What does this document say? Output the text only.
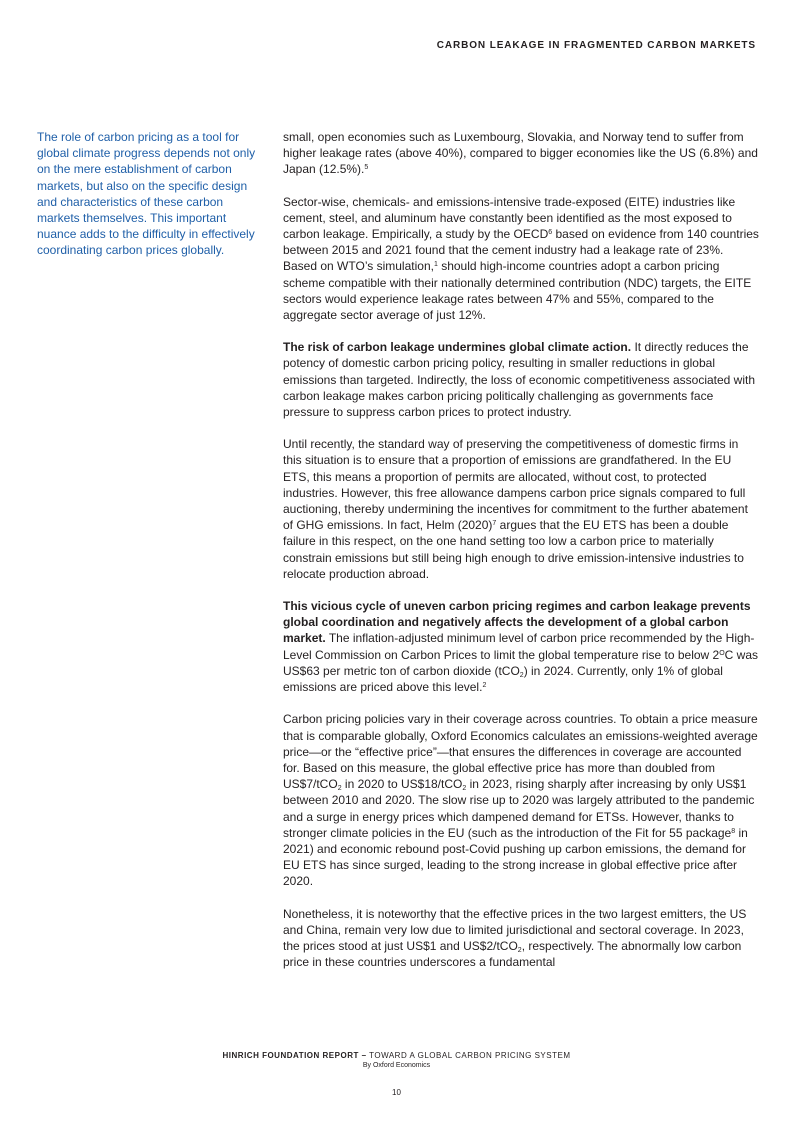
CARBON LEAKAGE IN FRAGMENTED CARBON MARKETS
The role of carbon pricing as a tool for global climate progress depends not only on the mere establishment of carbon markets, but also on the specific design and characteristics of these carbon markets themselves. This important nuance adds to the difficulty in effectively coordinating carbon prices globally.

small, open economies such as Luxembourg, Slovakia, and Norway tend to suffer from higher leakage rates (above 40%), compared to bigger economies like the US (6.8%) and Japan (12.5%).$^5$

Sector-wise, chemicals- and emissions-intensive trade-exposed (EITE) industries like cement, steel, and aluminum have constantly been identified as the most exposed to carbon leakage. Empirically, a study by the OECD$^6$ based on evidence from 140 countries between 2015 and 2021 found that the cement industry had a leakage rate of 23%. Based on WTO’s simulation,$^1$ should high-income countries adopt a carbon pricing scheme compatible with their nationally determined contribution (NDC) targets, the EITE sectors would experience leakage rates between 47% and 55%, compared to the aggregate sector average of just 12%.

The risk of carbon leakage undermines global climate action. It directly reduces the potency of domestic carbon pricing policy, resulting in smaller reductions in global emissions than targeted. Indirectly, the loss of economic competitiveness associated with carbon leakage makes carbon pricing politically challenging as governments face pressure to suppress carbon prices to protect industry.

Until recently, the standard way of preserving the competitiveness of domestic firms in this situation is to ensure that a proportion of emissions are grandfathered. In the EU ETS, this means a proportion of permits are allocated, without cost, to protected industries. However, this free allowance dampens carbon price signals compared to full auctioning, thereby undermining the incentives for commitment to the further abatement of GHG emissions. In fact, Helm $(2020)^7$ argues that the EU ETS has been a double failure in this respect, on the one hand setting too low a carbon price to materially constrain emissions but still being high enough to drive emission-intensive industries to relocate production abroad.

This vicious cycle of uneven carbon pricing regimes and carbon leakage prevents global coordination and negatively affects the development of a global carbon market. The inflation-adjusted minimum level of carbon price recommended by the High-Level Commission on Carbon Prices to limit the global temperature rise to below $2^OC$ was US$63 per metric ton of carbon dioxide (tCO$_2$) in 2024. Currently, only 1% of global emissions are priced above this level.$^2$

Carbon pricing policies vary in their coverage across countries. To obtain a price measure that is comparable globally, Oxford Economics calculates an emissions-weighted average price—or the “effective price”—that ensures the differences in coverage are accounted for. Based on this measure, the global effective price has more than doubled from US$7/tCO$_2$ in 2020 to US$18/tCO$_2$ in 2023, rising sharply after increasing by only US$1 between 2010 and 2020. The slow rise up to 2020 was largely attributed to the pandemic and a surge in energy prices which dampened demand for ETSs. However, thanks to stronger climate policies in the EU (such as the introduction of the Fit for 55 package$^8$ in 2021) and economic rebound post-Covid pushing up carbon emissions, the demand for EU ETS has since surged, leading to the strong increase in global effective price after 2020.

Nonetheless, it is noteworthy that the effective prices in the two largest emitters, the US and China, remain very low due to limited jurisdictional and sectoral coverage. In 2023, the prices stood at just US$1 and US$2/tCO$_2$, respectively. The abnormally low carbon price in these countries underscores a fundamental

HINRICH FOUNDATION REPORT – TOWARD A GLOBAL CARBON PRICING SYSTEM
By Oxford Economics
10
